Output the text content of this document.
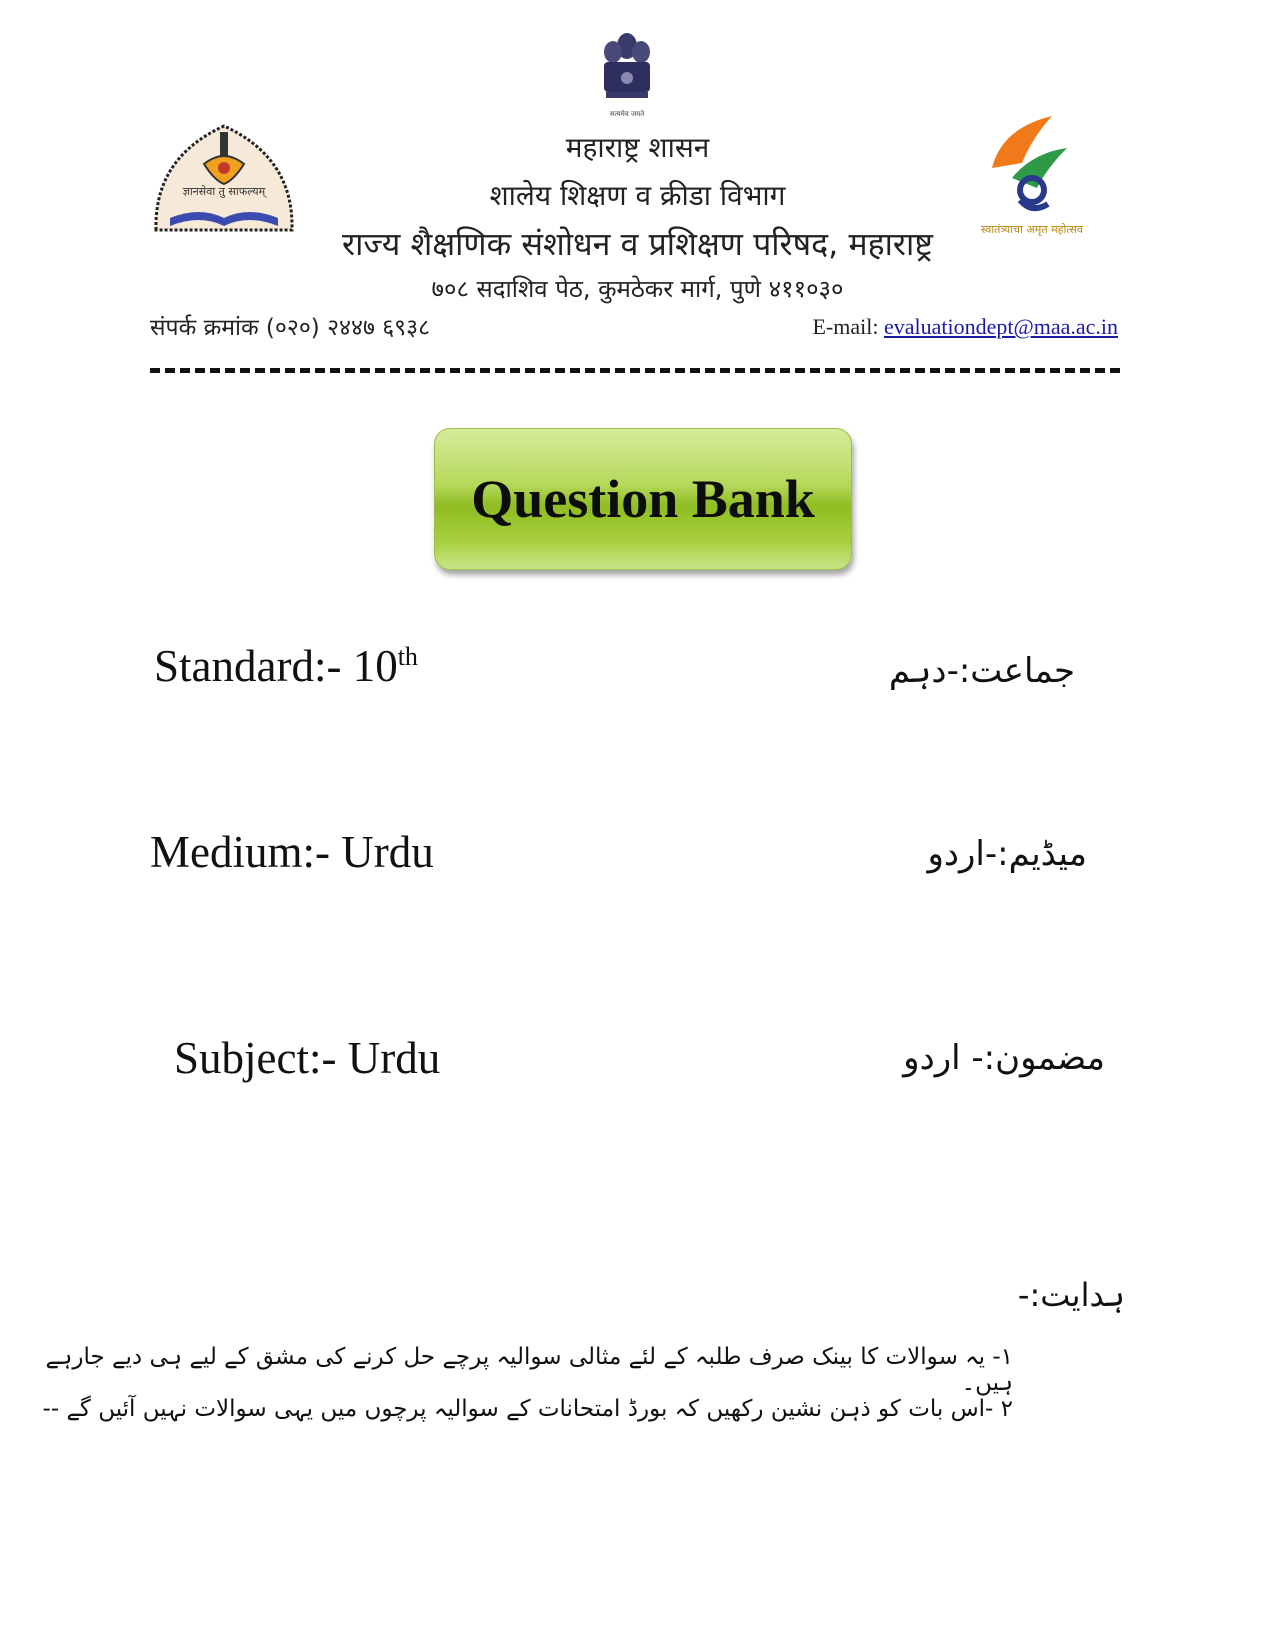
सत्यमेव जयते
ज्ञानसेवा तु साफल्यम्
स्वातंत्र्याचा अमृत महोत्सव
महाराष्ट्र शासन
शालेय शिक्षण व क्रीडा विभाग
राज्य शैक्षणिक संशोधन व प्रशिक्षण परिषद, महाराष्ट्र
७०८ सदाशिव पेठ, कुमठेकर मार्ग, पुणे ४११०३०
संपर्क क्रमांक (०२०) २४४७ ६९३८	E-mail: evaluationdept@maa.ac.in
Question Bank
Standard:- 10th	جماعت:-دہم
Medium:- Urdu	میڈیم:-اردو
Subject:- Urdu	مضمون:- اردو
ہدایت:-
۱- یہ سوالات کا بینک صرف طلبہ کے لئے مثالی سوالیہ پرچے حل کرنے کی مشق کے لیے ہی دیے جارہے ہیں۔
۲ -اس بات کو ذہن نشین رکھیں کہ بورڈ امتحانات کے سوالیہ پرچوں میں یہی سوالات نہیں آئیں گے --
